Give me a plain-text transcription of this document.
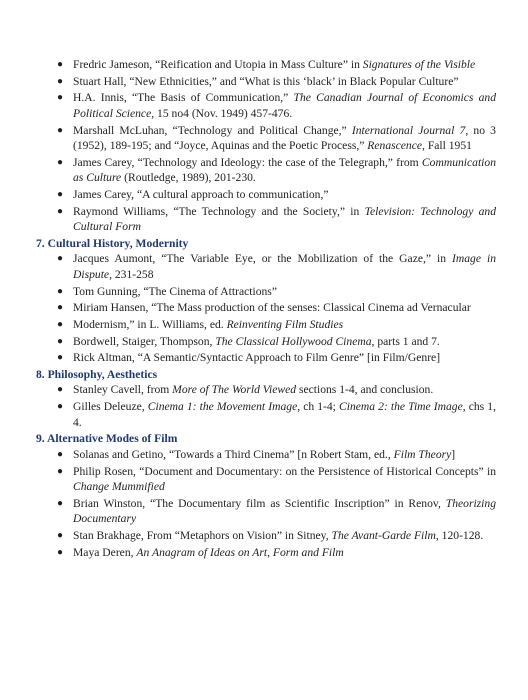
● Fredric Jameson, “Reification and Utopia in Mass Culture” in Signatures of the Visible
● Stuart Hall, “New Ethnicities,” and “What is this ‘black’ in Black Popular Culture”
● H.A. Innis, “The Basis of Communication,” The Canadian Journal of Economics and Political Science, 15 no4 (Nov. 1949) 457-476.
● Marshall McLuhan, “Technology and Political Change,” International Journal 7, no 3 (1952), 189-195; and “Joyce, Aquinas and the Poetic Process,” Renascence, Fall 1951
● James Carey, “Technology and Ideology: the case of the Telegraph,” from Communication as Culture (Routledge, 1989), 201-230.
● James Carey, “A cultural approach to communication,”
● Raymond Williams, “The Technology and the Society,” in Television: Technology and Cultural Form
7. Cultural History, Modernity
● Jacques Aumont, “The Variable Eye, or the Mobilization of the Gaze,” in Image in Dispute, 231-258
● Tom Gunning, “The Cinema of Attractions”
● Miriam Hansen, “The Mass production of the senses: Classical Cinema ad Vernacular
● Modernism,” in L. Williams, ed. Reinventing Film Studies
● Bordwell, Staiger, Thompson, The Classical Hollywood Cinema, parts 1 and 7.
● Rick Altman, “A Semantic/Syntactic Approach to Film Genre” [in Film/Genre]
8. Philosophy, Aesthetics
● Stanley Cavell, from More of The World Viewed sections 1-4, and conclusion.
● Gilles Deleuze, Cinema 1: the Movement Image, ch 1-4; Cinema 2: the Time Image, chs 1, 4.
9. Alternative Modes of Film
● Solanas and Getino, “Towards a Third Cinema” [n Robert Stam, ed., Film Theory]
● Philip Rosen, “Document and Documentary: on the Persistence of Historical Concepts” in Change Mummified
● Brian Winston, “The Documentary film as Scientific Inscription” in Renov, Theorizing Documentary
● Stan Brakhage, From “Metaphors on Vision” in Sitney, The Avant-Garde Film, 120-128.
● Maya Deren, An Anagram of Ideas on Art, Form and Film
